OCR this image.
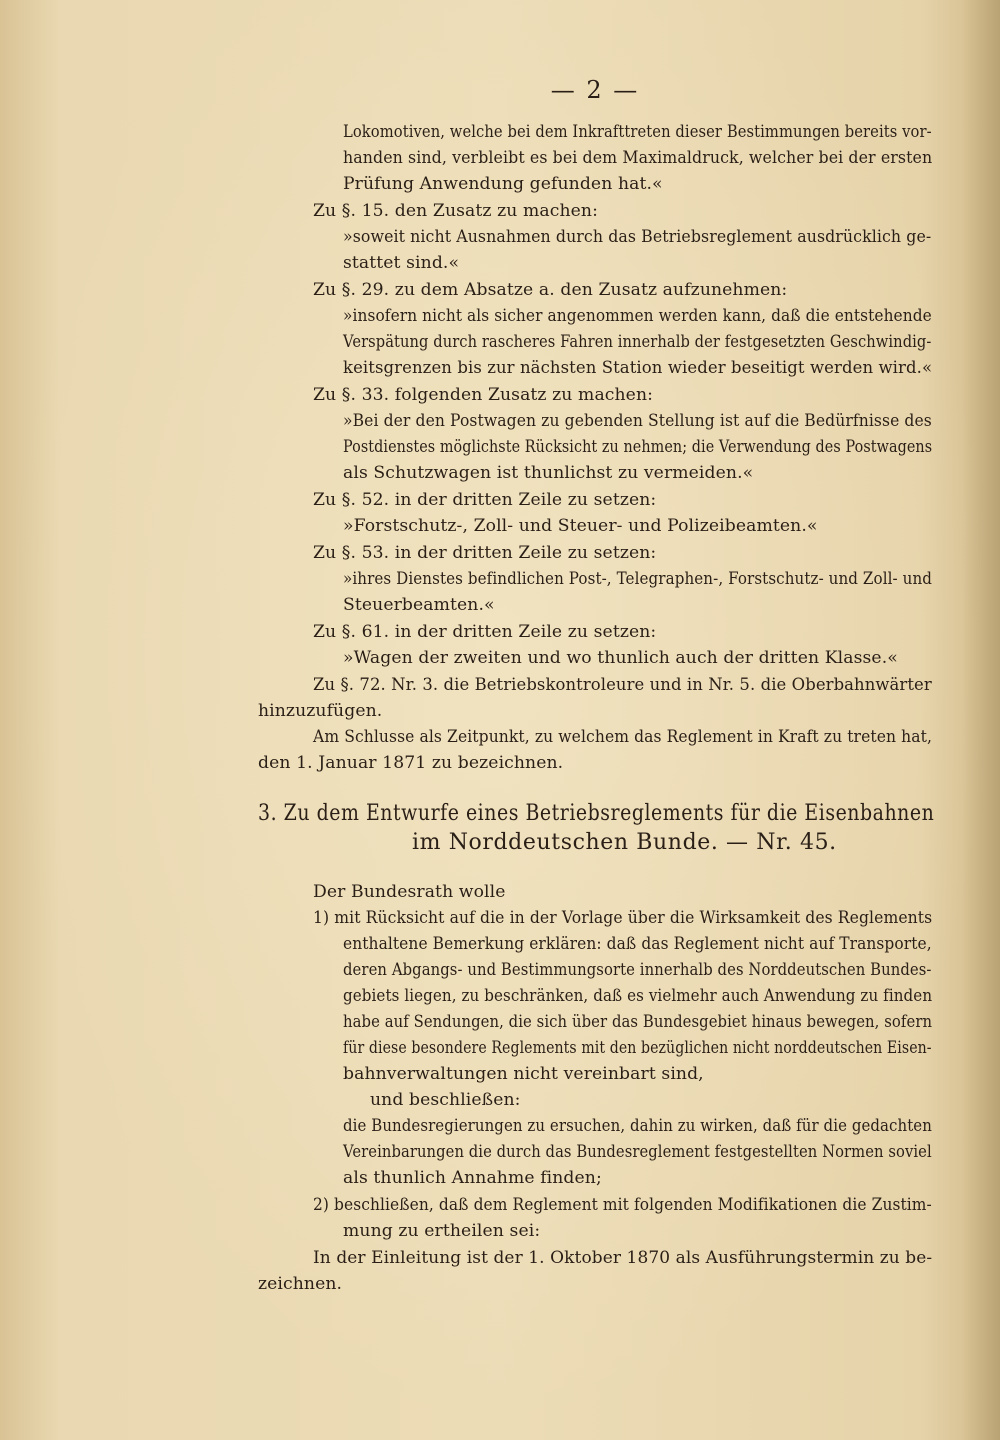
— 2 —
3. Zu dem Entwurfe eines Betriebsreglements für die Eisenbahnen
im Norddeutschen Bunde. — Nr. 45.
Lokomotiven, welche bei dem Inkrafttreten dieser Bestimmungen bereits vor-
handen sind, verbleibt es bei dem Maximaldruck, welcher bei der ersten
Prüfung Anwendung gefunden hat.«
Zu §. 15. den Zusatz zu machen:
»soweit nicht Ausnahmen durch das Betriebsreglement ausdrücklich ge-
stattet sind.«
Zu §. 29. zu dem Absatze a. den Zusatz aufzunehmen:
»insofern nicht als sicher angenommen werden kann, daß die entstehende
Verspätung durch rascheres Fahren innerhalb der festgesetzten Geschwindig-
keitsgrenzen bis zur nächsten Station wieder beseitigt werden wird.«
Zu §. 33. folgenden Zusatz zu machen:
»Bei der den Postwagen zu gebenden Stellung ist auf die Bedürfnisse des
Postdienstes möglichste Rücksicht zu nehmen; die Verwendung des Postwagens
als Schutzwagen ist thunlichst zu vermeiden.«
Zu §. 52. in der dritten Zeile zu setzen:
»Forstschutz-, Zoll- und Steuer- und Polizeibeamten.«
Zu §. 53. in der dritten Zeile zu setzen:
»ihres Dienstes befindlichen Post-, Telegraphen-, Forstschutz- und Zoll- und
Steuerbeamten.«
Zu §. 61. in der dritten Zeile zu setzen:
»Wagen der zweiten und wo thunlich auch der dritten Klasse.«
Zu §. 72. Nr. 3. die Betriebskontroleure und in Nr. 5. die Oberbahnwärter
hinzuzufügen.
Am Schlusse als Zeitpunkt, zu welchem das Reglement in Kraft zu treten hat,
den 1. Januar 1871 zu bezeichnen.
Der Bundesrath wolle
1) mit Rücksicht auf die in der Vorlage über die Wirksamkeit des Reglements
enthaltene Bemerkung erklären: daß das Reglement nicht auf Transporte,
deren Abgangs- und Bestimmungsorte innerhalb des Norddeutschen Bundes-
gebiets liegen, zu beschränken, daß es vielmehr auch Anwendung zu finden
habe auf Sendungen, die sich über das Bundesgebiet hinaus bewegen, sofern
für diese besondere Reglements mit den bezüglichen nicht norddeutschen Eisen-
bahnverwaltungen nicht vereinbart sind,
und beschließen:
die Bundesregierungen zu ersuchen, dahin zu wirken, daß für die gedachten
Vereinbarungen die durch das Bundesreglement festgestellten Normen soviel
als thunlich Annahme finden;
2) beschließen, daß dem Reglement mit folgenden Modifikationen die Zustim-
mung zu ertheilen sei:
In der Einleitung ist der 1. Oktober 1870 als Ausführungstermin zu be-
zeichnen.
